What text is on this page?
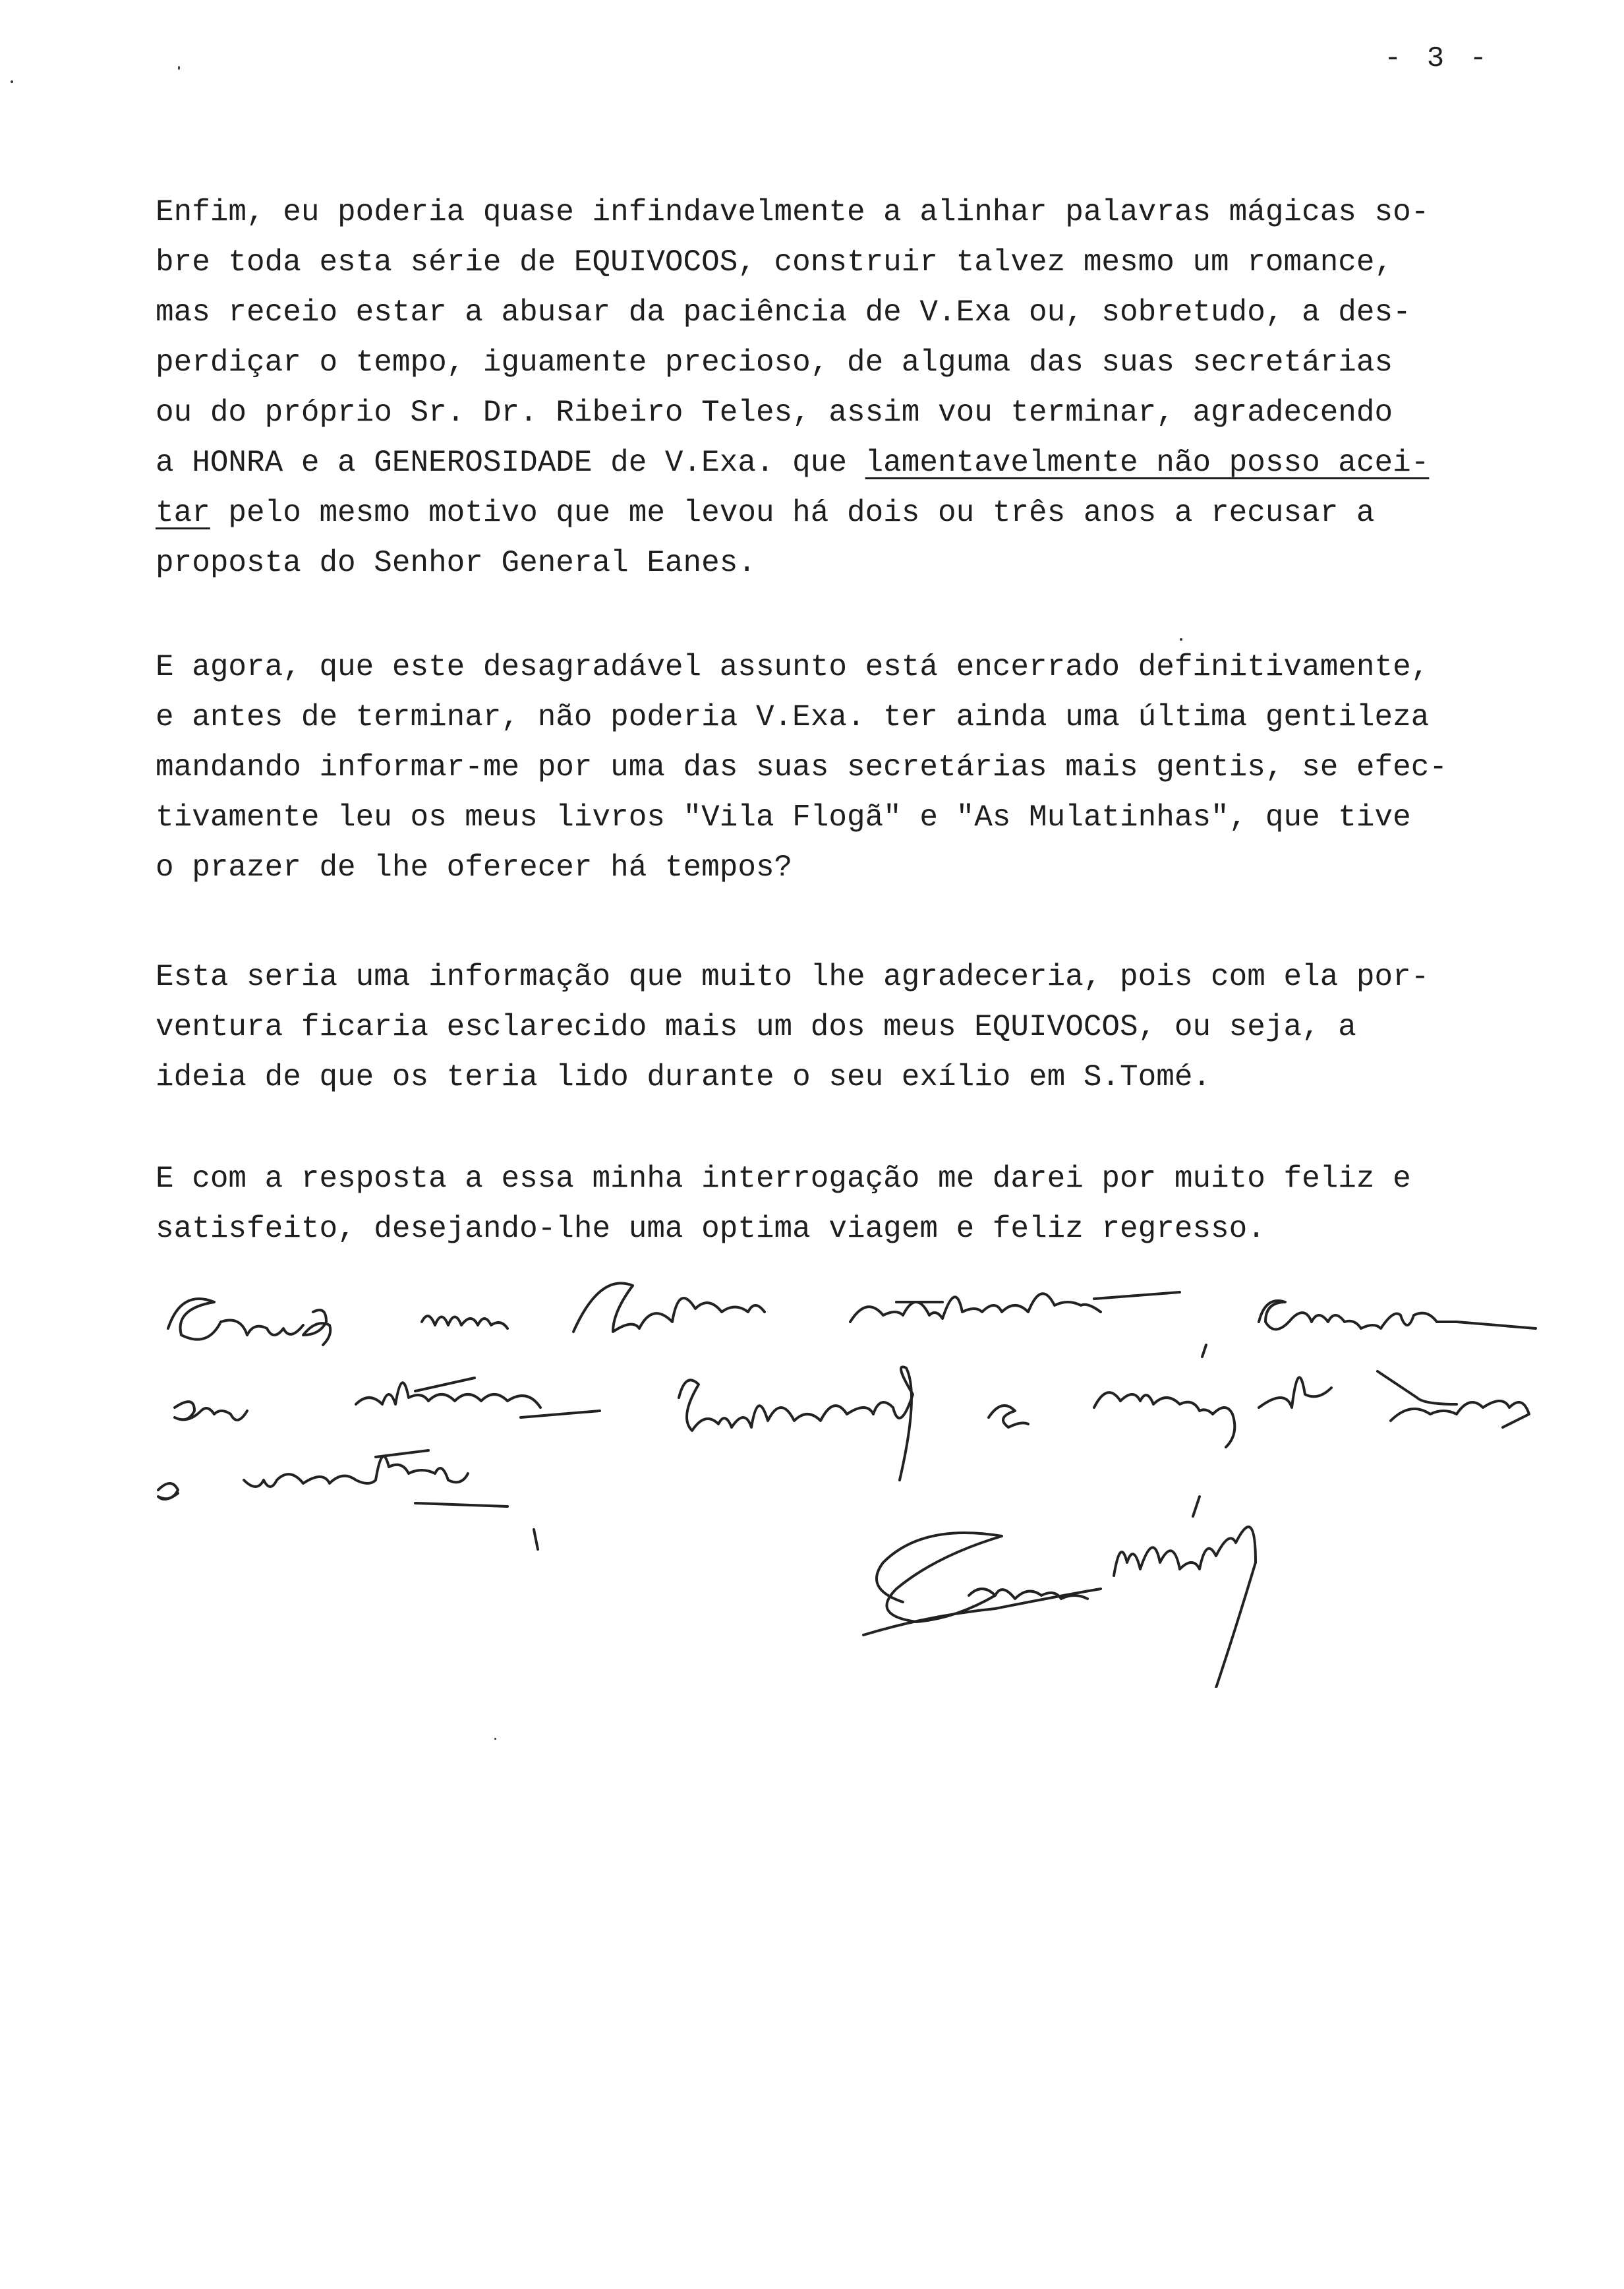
- 3 -
Enfim, eu poderia quase infindavelmente a alinhar palavras mágicas so-
bre toda esta série de EQUIVOCOS, construir talvez mesmo um romance,
mas receio estar a abusar da paciência de V.Exa ou, sobretudo, a des-
perdiçar o tempo, iguamente precioso, de alguma das suas secretárias
ou do próprio Sr. Dr. Ribeiro Teles, assim vou terminar, agradecendo
a HONRA e a GENEROSIDADE de V.Exa. que lamentavelmente não posso acei-
tar pelo mesmo motivo que me levou há dois ou três anos a recusar a
proposta do Senhor General Eanes.
E agora, que este desagradável assunto está encerrado definitivamente,
e antes de terminar, não poderia V.Exa. ter ainda uma última gentileza
mandando informar-me por uma das suas secretárias mais gentis, se efec-
tivamente leu os meus livros "Vila Flogã" e "As Mulatinhas", que tive
o prazer de lhe oferecer há tempos?
Esta seria uma informação que muito lhe agradeceria, pois com ela por-
ventura ficaria esclarecido mais um dos meus EQUIVOCOS, ou seja, a
ideia de que os teria lido durante o seu exílio em S.Tomé.
E com a resposta a essa minha interrogação me darei por muito feliz e
satisfeito, desejando-lhe uma optima viagem e feliz regresso.
